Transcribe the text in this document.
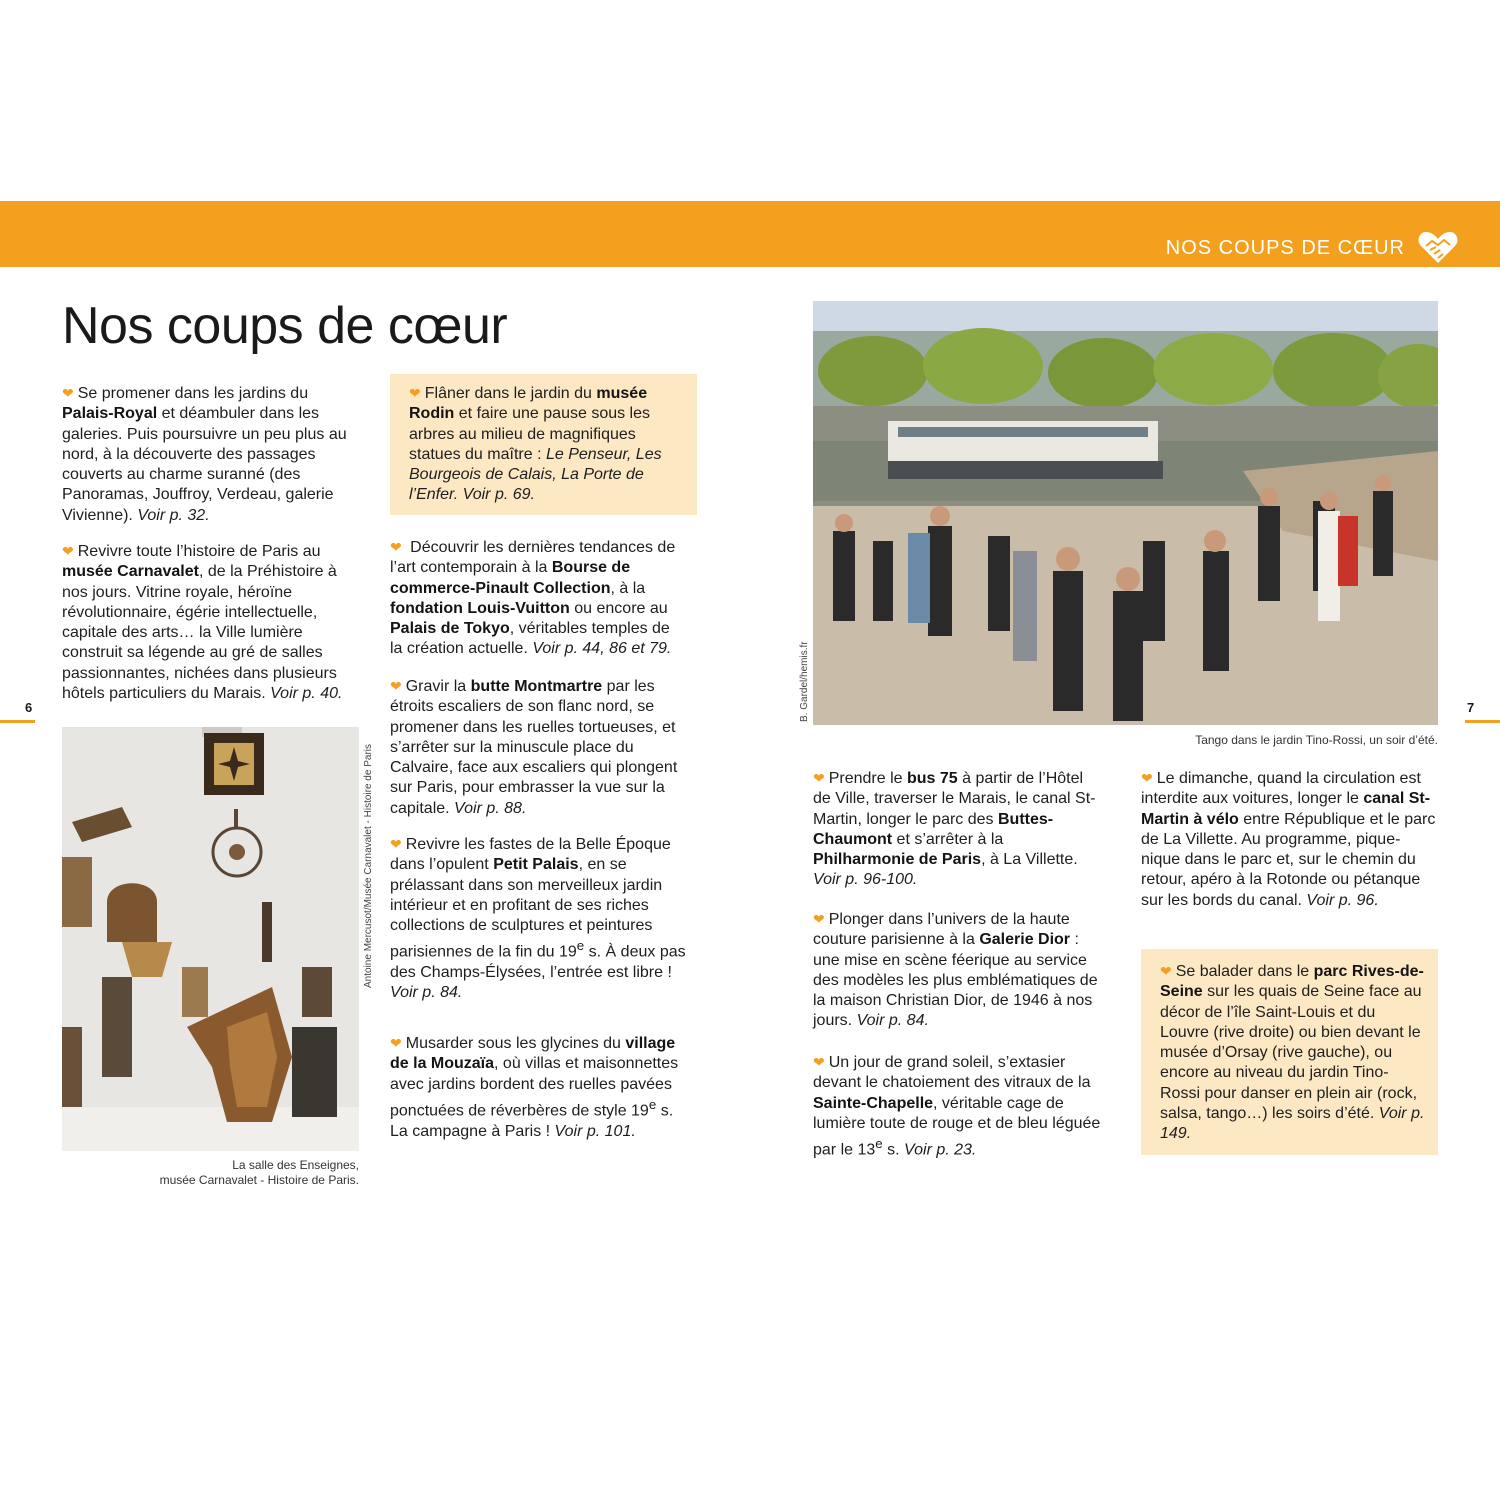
NOS COUPS DE CŒUR
Nos coups de cœur
6	7

❤ Se promener dans les jardins du Palais-Royal et déambuler dans les galeries. Puis poursuivre un peu plus au nord, à la découverte des passages couverts au charme suranné (des Panoramas, Jouffroy, Verdeau, galerie Vivienne). Voir p. 32.

❤ Revivre toute l’histoire de Paris au musée Carnavalet, de la Préhistoire à nos jours. Vitrine royale, héroïne révolutionnaire, égérie intellectuelle, capitale des arts… la Ville lumière construit sa légende au gré de salles passionnantes, nichées dans plusieurs hôtels particuliers du Marais. Voir p. 40.

Antoine Mercusot/Musée Carnavalet - Histoire de Paris
La salle des Enseignes,
musée Carnavalet - Histoire de Paris.

❤ Flâner dans le jardin du musée Rodin et faire une pause sous les arbres au milieu de magnifiques statues du maître : Le Penseur, Les Bourgeois de Calais, La Porte de l’Enfer. Voir p. 69.

❤ Découvrir les dernières tendances de l’art contemporain à la Bourse de commerce-Pinault Collection, à la fondation Louis-Vuitton ou encore au Palais de Tokyo, véritables temples de la création actuelle. Voir p. 44, 86 et 79.

❤ Gravir la butte Montmartre par les étroits escaliers de son flanc nord, se promener dans les ruelles tortueuses, et s’arrêter sur la minuscule place du Calvaire, face aux escaliers qui plongent sur Paris, pour embrasser la vue sur la capitale. Voir p. 88.

❤ Revivre les fastes de la Belle Époque dans l’opulent Petit Palais, en se prélassant dans son merveilleux jardin intérieur et en profitant de ses riches collections de sculptures et peintures parisiennes de la fin du 19e s. À deux pas des Champs-Élysées, l’entrée est libre ! Voir p. 84.

❤ Musarder sous les glycines du village de la Mouzaïa, où villas et maisonnettes avec jardins bordent des ruelles pavées ponctuées de réverbères de style 19e s. La campagne à Paris ! Voir p. 101.

B. Gardel/hemis.fr
Tango dans le jardin Tino-Rossi, un soir d’été.

❤ Prendre le bus 75 à partir de l’Hôtel de Ville, traverser le Marais, le canal St-Martin, longer le parc des Buttes-Chaumont et s’arrêter à la Philharmonie de Paris, à La Villette. Voir p. 96-100.

❤ Plonger dans l’univers de la haute couture parisienne à la Galerie Dior : une mise en scène féerique au service des modèles les plus emblématiques de la maison Christian Dior, de 1946 à nos jours. Voir p. 84.

❤ Un jour de grand soleil, s’extasier devant le chatoiement des vitraux de la Sainte-Chapelle, véritable cage de lumière toute de rouge et de bleu léguée par le 13e s. Voir p. 23.

❤ Le dimanche, quand la circulation est interdite aux voitures, longer le canal St-Martin à vélo entre République et le parc de La Villette. Au programme, pique-nique dans le parc et, sur le chemin du retour, apéro à la Rotonde ou pétanque sur les bords du canal. Voir p. 96.

❤ Se balader dans le parc Rives-de-Seine sur les quais de Seine face au décor de l’île Saint-Louis et du Louvre (rive droite) ou bien devant le musée d’Orsay (rive gauche), ou encore au niveau du jardin Tino-Rossi pour danser en plein air (rock, salsa, tango…) les soirs d’été. Voir p. 149.
